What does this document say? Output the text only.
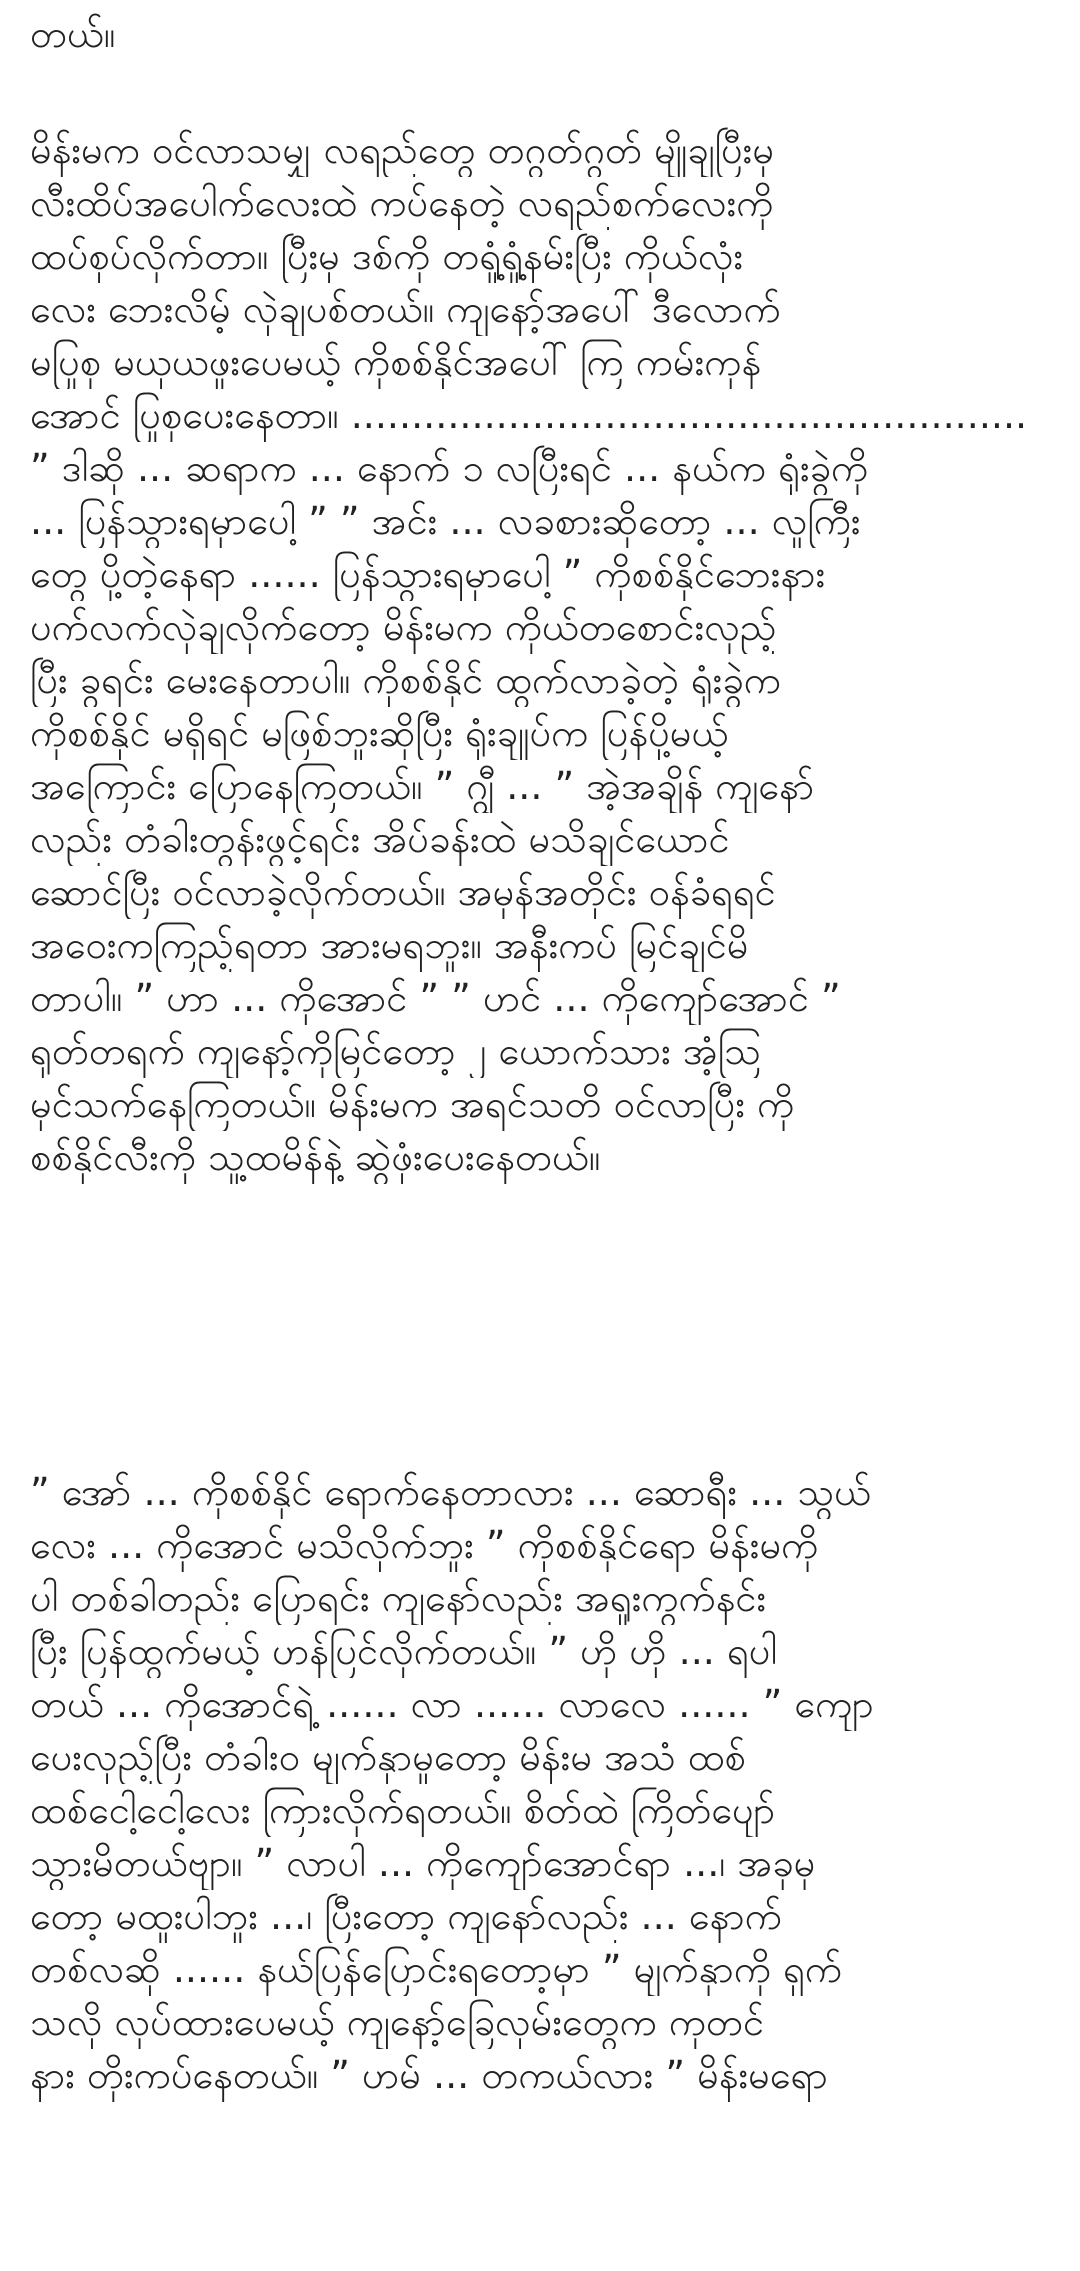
တယ်။
မိန်းမက ဝင်လာသမျှ လရည်တွေ တဂွတ်ဂွတ် မျိုချပြီးမှ
လီးထိပ်အပေါက်လေးထဲ ကပ်နေတဲ့ လရည်စက်လေးကို
ထပ်စုပ်လိုက်တာ။ ပြီးမှ ဒစ်ကို တရှုံ့ရှုံ့နမ်းပြီး ကိုယ်လုံး
လေး ဘေးလိမ့် လှဲချပစ်တယ်။ ကျနော့်အပေါ် ဒီလောက်
မပြုစု မယုယဖူးပေမယ့် ကိုစစ်နိုင်အပေါ် ကြ ကမ်းကုန်
အောင် ပြုစုပေးနေတာ။ ........................................................
” ဒါဆို ... ဆရာက ... နောက် ၁ လပြီးရင် ... နယ်က ရုံးခွဲကို
... ပြန်သွားရမှာပေါ့ ” ” အင်း ... လခစားဆိုတော့ ... လူကြီး
တွေ ပို့တဲ့နေရာ ...... ပြန်သွားရမှာပေါ့ ” ကိုစစ်နိုင်ဘေးနား
ပက်လက်လှဲချလိုက်တော့ မိန်းမက ကိုယ်တစောင်းလှည့်
ပြီး ခွရင်း မေးနေတာပါ။ ကိုစစ်နိုင် ထွက်လာခဲ့တဲ့ ရုံးခွဲက
ကိုစစ်နိုင် မရှိရင် မဖြစ်ဘူးဆိုပြီး ရုံးချုပ်က ပြန်ပို့မယ့်
အကြောင်း ပြောနေကြတယ်။ ” ဂျွီ ... ” အဲ့အချိန် ကျနော်
လည်း တံခါးတွန်းဖွင့်ရင်း အိပ်ခန်းထဲ မသိချင်ယောင်
ဆောင်ပြီး ဝင်လာခဲ့လိုက်တယ်။ အမှန်အတိုင်း ဝန်ခံရရင်
အဝေးကကြည့်ရတာ အားမရဘူး။ အနီးကပ် မြင်ချင်မိ
တာပါ။ ” ဟာ ... ကိုအောင် ” ” ဟင် ... ကိုကျော်အောင် ”
ရုတ်တရက် ကျနော့်ကိုမြင်တော့ ၂ ယောက်သား အံ့သြ
မှင်သက်နေကြတယ်။ မိန်းမက အရင်သတိ ဝင်လာပြီး ကို
စစ်နိုင်လီးကို သူ့ထမိန်နဲ့ ဆွဲဖုံးပေးနေတယ်။
” အော် ... ကိုစစ်နိုင် ရောက်နေတာလား ... ဆောရီး ... သွယ်
လေး ... ကိုအောင် မသိလိုက်ဘူး ” ကိုစစ်နိုင်ရော မိန်းမကို
ပါ တစ်ခါတည်း ပြောရင်း ကျနော်လည်း အရှုးကွက်နင်း
ပြီး ပြန်ထွက်မယ့် ဟန်ပြင်လိုက်တယ်။ ” ဟို ဟို ... ရပါ
တယ် ... ကိုအောင်ရဲ့ ...... လာ ...... လာလေ ...... ” ကျော
ပေးလှည့်ပြီး တံခါးဝ မျက်နှာမူတော့ မိန်းမ အသံ ထစ်
ထစ်ငေါ့ငေါ့လေး ကြားလိုက်ရတယ်။ စိတ်ထဲ ကြိတ်ပျော်
သွားမိတယ်ဗျာ။ ” လာပါ ... ကိုကျော်အောင်ရာ ...၊ အခုမှ
တော့ မထူးပါဘူး ...၊ ပြီးတော့ ကျနော်လည်း ... နောက်
တစ်လဆို ...... နယ်ပြန်ပြောင်းရတော့မှာ ” မျက်နှာကို ရှက်
သလို လုပ်ထားပေမယ့် ကျနော့်ခြေလှမ်းတွေက ကုတင်
နား တိုးကပ်နေတယ်။ ” ဟမ် ... တကယ်လား ” မိန်းမရော
